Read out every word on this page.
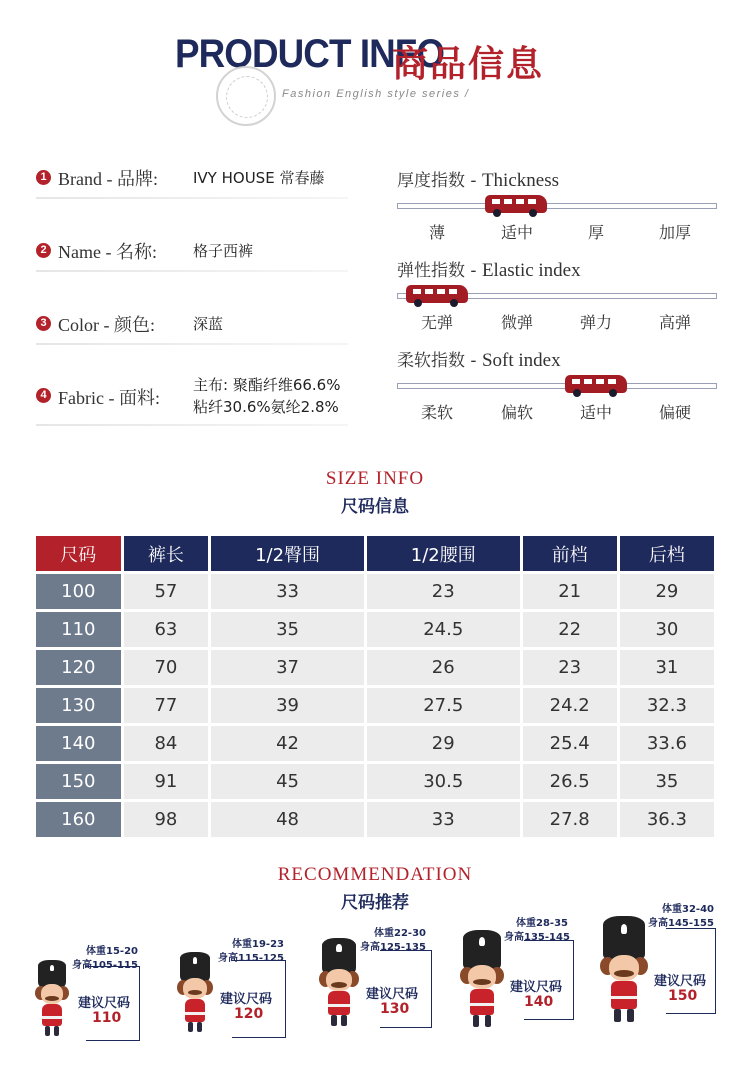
PRODUCT INFO
商品信息
Fashion English style series /
1 Brand - 品牌: IVY HOUSE 常春藤
2 Name - 名称: 格子西裤
3 Color - 颜色:	深蓝
4 Fabric - 面料:
主布: 聚酯纤维66.6%
粘纤30.6%氨纶2.8%
厚度指数 - Thickness
薄	适中	厚	加厚
弹性指数 - Elastic index
无弹	微弹	弹力	高弹
柔软指数 - Soft index
柔软	偏软	适中	偏硬
SIZE INFO
尺码信息
尺码	裤长	1/2臀围	1/2腰围	前档	后档
100	57	33	23	21	29
110	63	35	24.5	22	30
120	70	37	26	23	31
130	77	39	27.5	24.2	32.3
140	84	42	29	25.4	33.6
150	91	45	30.5	26.5	35
160	98	48	33	27.8	36.3
RECOMMENDATION
尺码推荐
体重15-20
身高105-115
建议尺码
110
体重19-23
身高115-125
建议尺码
120
体重22-30
身高125-135
建议尺码
130
体重28-35
身高135-145
建议尺码
140
体重32-40
身高145-155
建议尺码
150
